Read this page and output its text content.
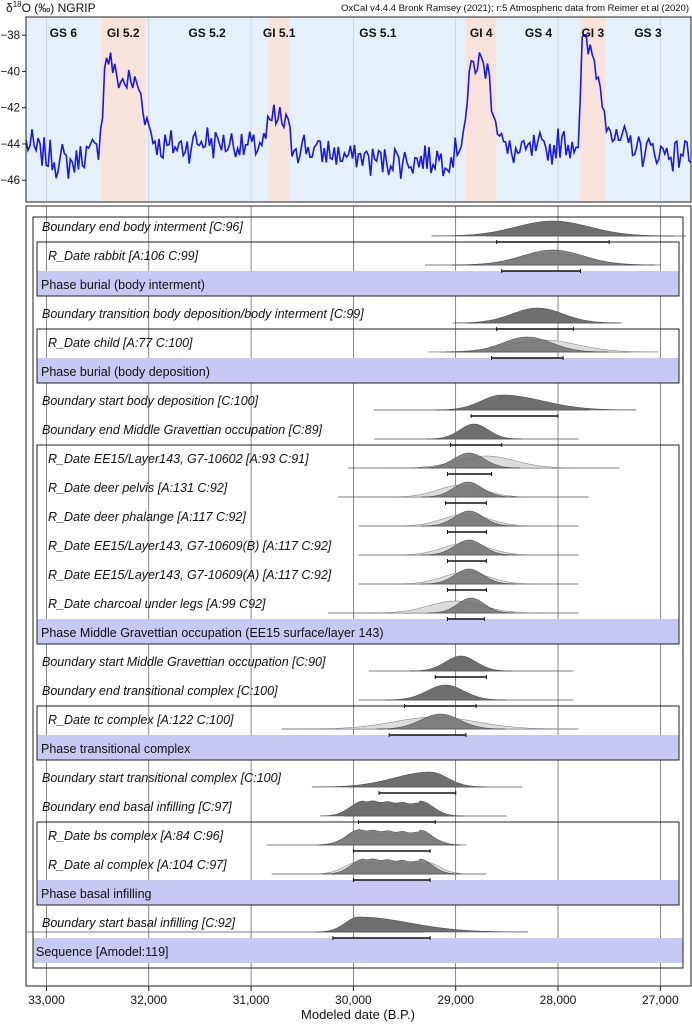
GS 6 GI 5.2	GS 5.2	GI 5.1	GS 5.1	GI 4	GS 4 GI 3	GS 3
−38
−40
−42
−44
−46
$\delta^{18}O$ (‰) NGRIP	OxCal v4.4.4 Bronk Ramsey (2021); r:5 Atmospheric data from Reimer et al (2020)
Boundary end body interment [C:96]
R_Date rabbit [A:106 C:99]
Phase burial (body interment)
Boundary transition body deposition/body interment [C:99]
R_Date child [A:77 C:100]
Phase burial (body deposition)
Boundary start body deposition [C:100]
Boundary end Middle Gravettian occupation [C:89]
R_Date EE15/Layer143, G7-10602 [A:93 C:91]
R_Date deer pelvis [A:131 C:92]
R_Date deer phalange [A:117 C:92]
R_Date EE15/Layer143, G7-10609(B) [A:117 C:92]
R_Date EE15/Layer143, G7-10609(A) [A:117 C:92]
R_Date charcoal under legs [A:99 C92]
Phase Middle Gravettian occupation (EE15 surface/layer 143)
Boundary start Middle Gravettian occupation [C:90]
Boundary end transitional complex [C:100]
R_Date tc complex [A:122 C:100]
Phase transitional complex
Boundary start transitional complex [C:100]
Boundary end basal infilling [C:97]
R_Date bs complex [A:84 C:96]
R_Date al complex [A:104 C:97]
Phase basal infilling
Boundary start basal infilling [C:92]
Sequence [Amodel:119]
33,000	32,000	31,000	30,000	29,000	28,000	27,000
Modeled date (B.P.)
